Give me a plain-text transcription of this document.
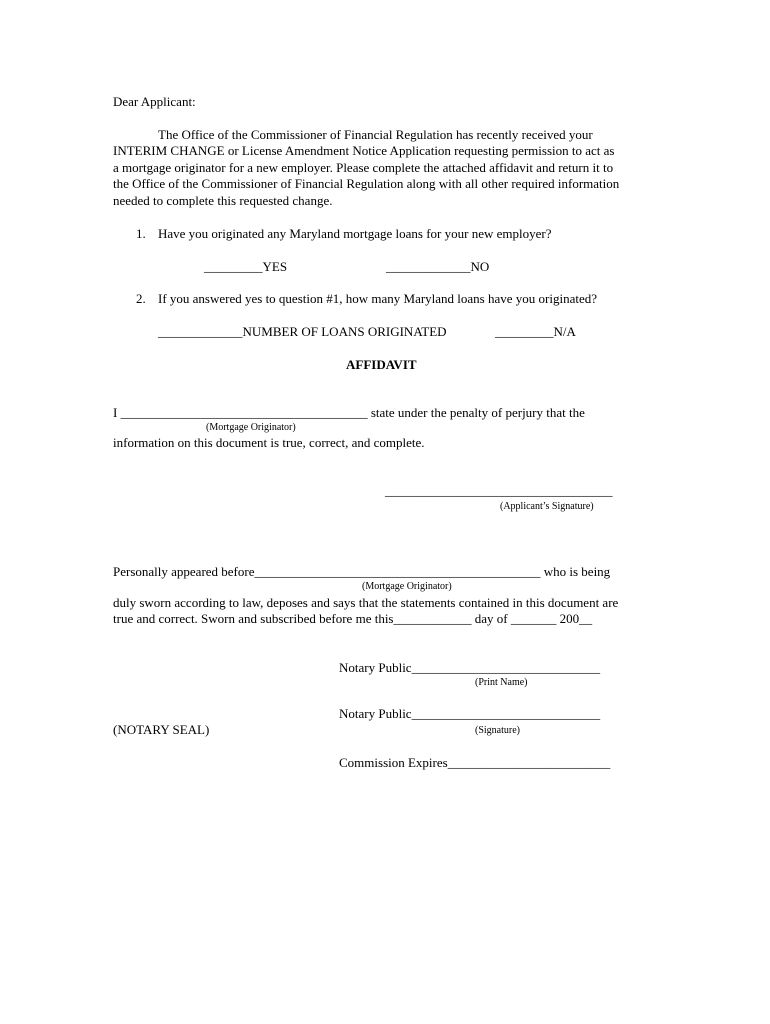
Dear Applicant:
The Office of the Commissioner of Financial Regulation has recently received your
INTERIM CHANGE or License Amendment Notice Application requesting permission to act as
a mortgage originator for a new employer. Please complete the attached affidavit and return it to
the Office of the Commissioner of Financial Regulation along with all other required information
needed to complete this requested change.
1. Have you originated any Maryland mortgage loans for your new employer?
_________YES	_____________NO
2. If you answered yes to question #1, how many Maryland loans have you originated?
_____________NUMBER OF LOANS ORIGINATED	_________N/A
AFFIDAVIT
I ______________________________________ state under the penalty of perjury that the
(Mortgage Originator)
information on this document is true, correct, and complete.
___________________________________
(Applicant’s Signature)
Personally appeared before____________________________________________ who is being
(Mortgage Originator)
duly sworn according to law, deposes and says that the statements contained in this document are
true and correct. Sworn and subscribed before me this____________ day of _______ 200__
Notary Public_____________________________
(Print Name)
Notary Public_____________________________
(NOTARY SEAL)	(Signature)
Commission Expires_________________________
